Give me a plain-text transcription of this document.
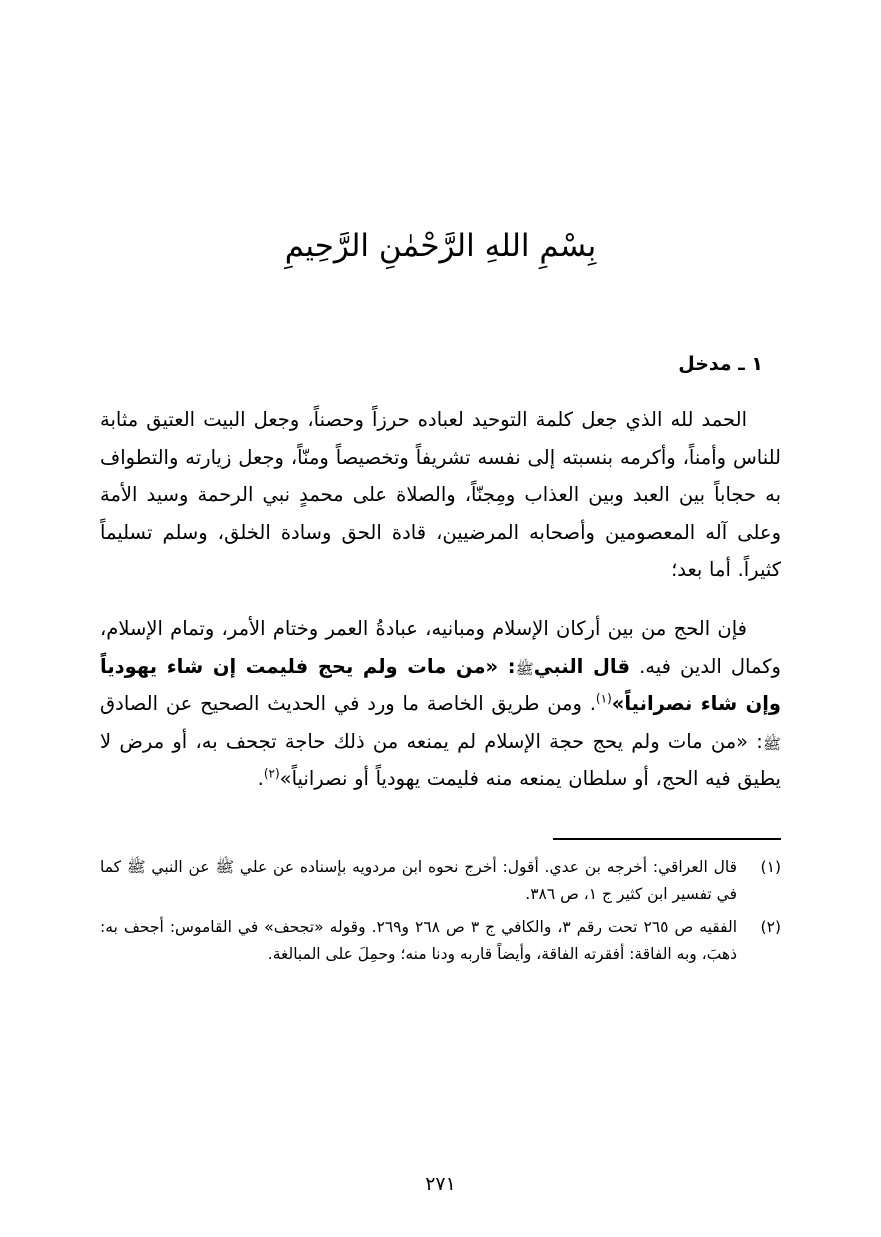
بِسْمِ اللهِ الرَّحْمٰنِ الرَّحِيمِ
١ ـ مدخل

الحمد لله الذي جعل كلمة التوحيد لعباده حرزاً وحصناً، وجعل البيت العتيق مثابة للناس وأمناً، وأكرمه بنسبته إلى نفسه تشريفاً وتخصيصاً ومنّاً، وجعل زيارته والتطواف به حجاباً بين العبد وبين العذاب ومِجنّاً، والصلاة على محمدٍ نبي الرحمة وسيد الأمة وعلى آله المعصومين وأصحابه المرضيين، قادة الحق وسادة الخلق، وسلم تسليماً كثيراً. أما بعد؛

فإن الحج من بين أركان الإسلام ومبانيه، عبادةُ العمر وختام الأمر، وتمام الإسلام، وكمال الدين فيه. قال النبيﷺ: «من مات ولم يحج فليمت إن شاء يهودياً وإن شاء نصرانياً»$^{(١)}$. ومن طريق الخاصة ما ورد في الحديث الصحيح عن الصادقﷺ: «من مات ولم يحج حجة الإسلام لم يمنعه من ذلك حاجة تجحف به، أو مرض لا يطيق فيه الحج، أو سلطان يمنعه منه فليمت يهودياً أو نصرانياً»$^{(٢)}$.

(١)
قال العراقي: أخرجه بن عدي. أقول: أخرج نحوه ابن مردويه بإسناده عن علي ﷺ عن النبي ﷺ كما في تفسير ابن كثير ج ١، ص ٣٨٦.
(٢)
الفقيه ص ٢٦٥ تحت رقم ٣، والكافي ج ٣ ص ٢٦٨ و٢٦٩. وقوله «تجحف» في القاموس: أجحف به: ذهبَ، وبه الفاقة: أفقرته الفاقة، وأيضاً قاربه ودنا منه؛ وحمِلَ على المبالغة.
٢٧١
